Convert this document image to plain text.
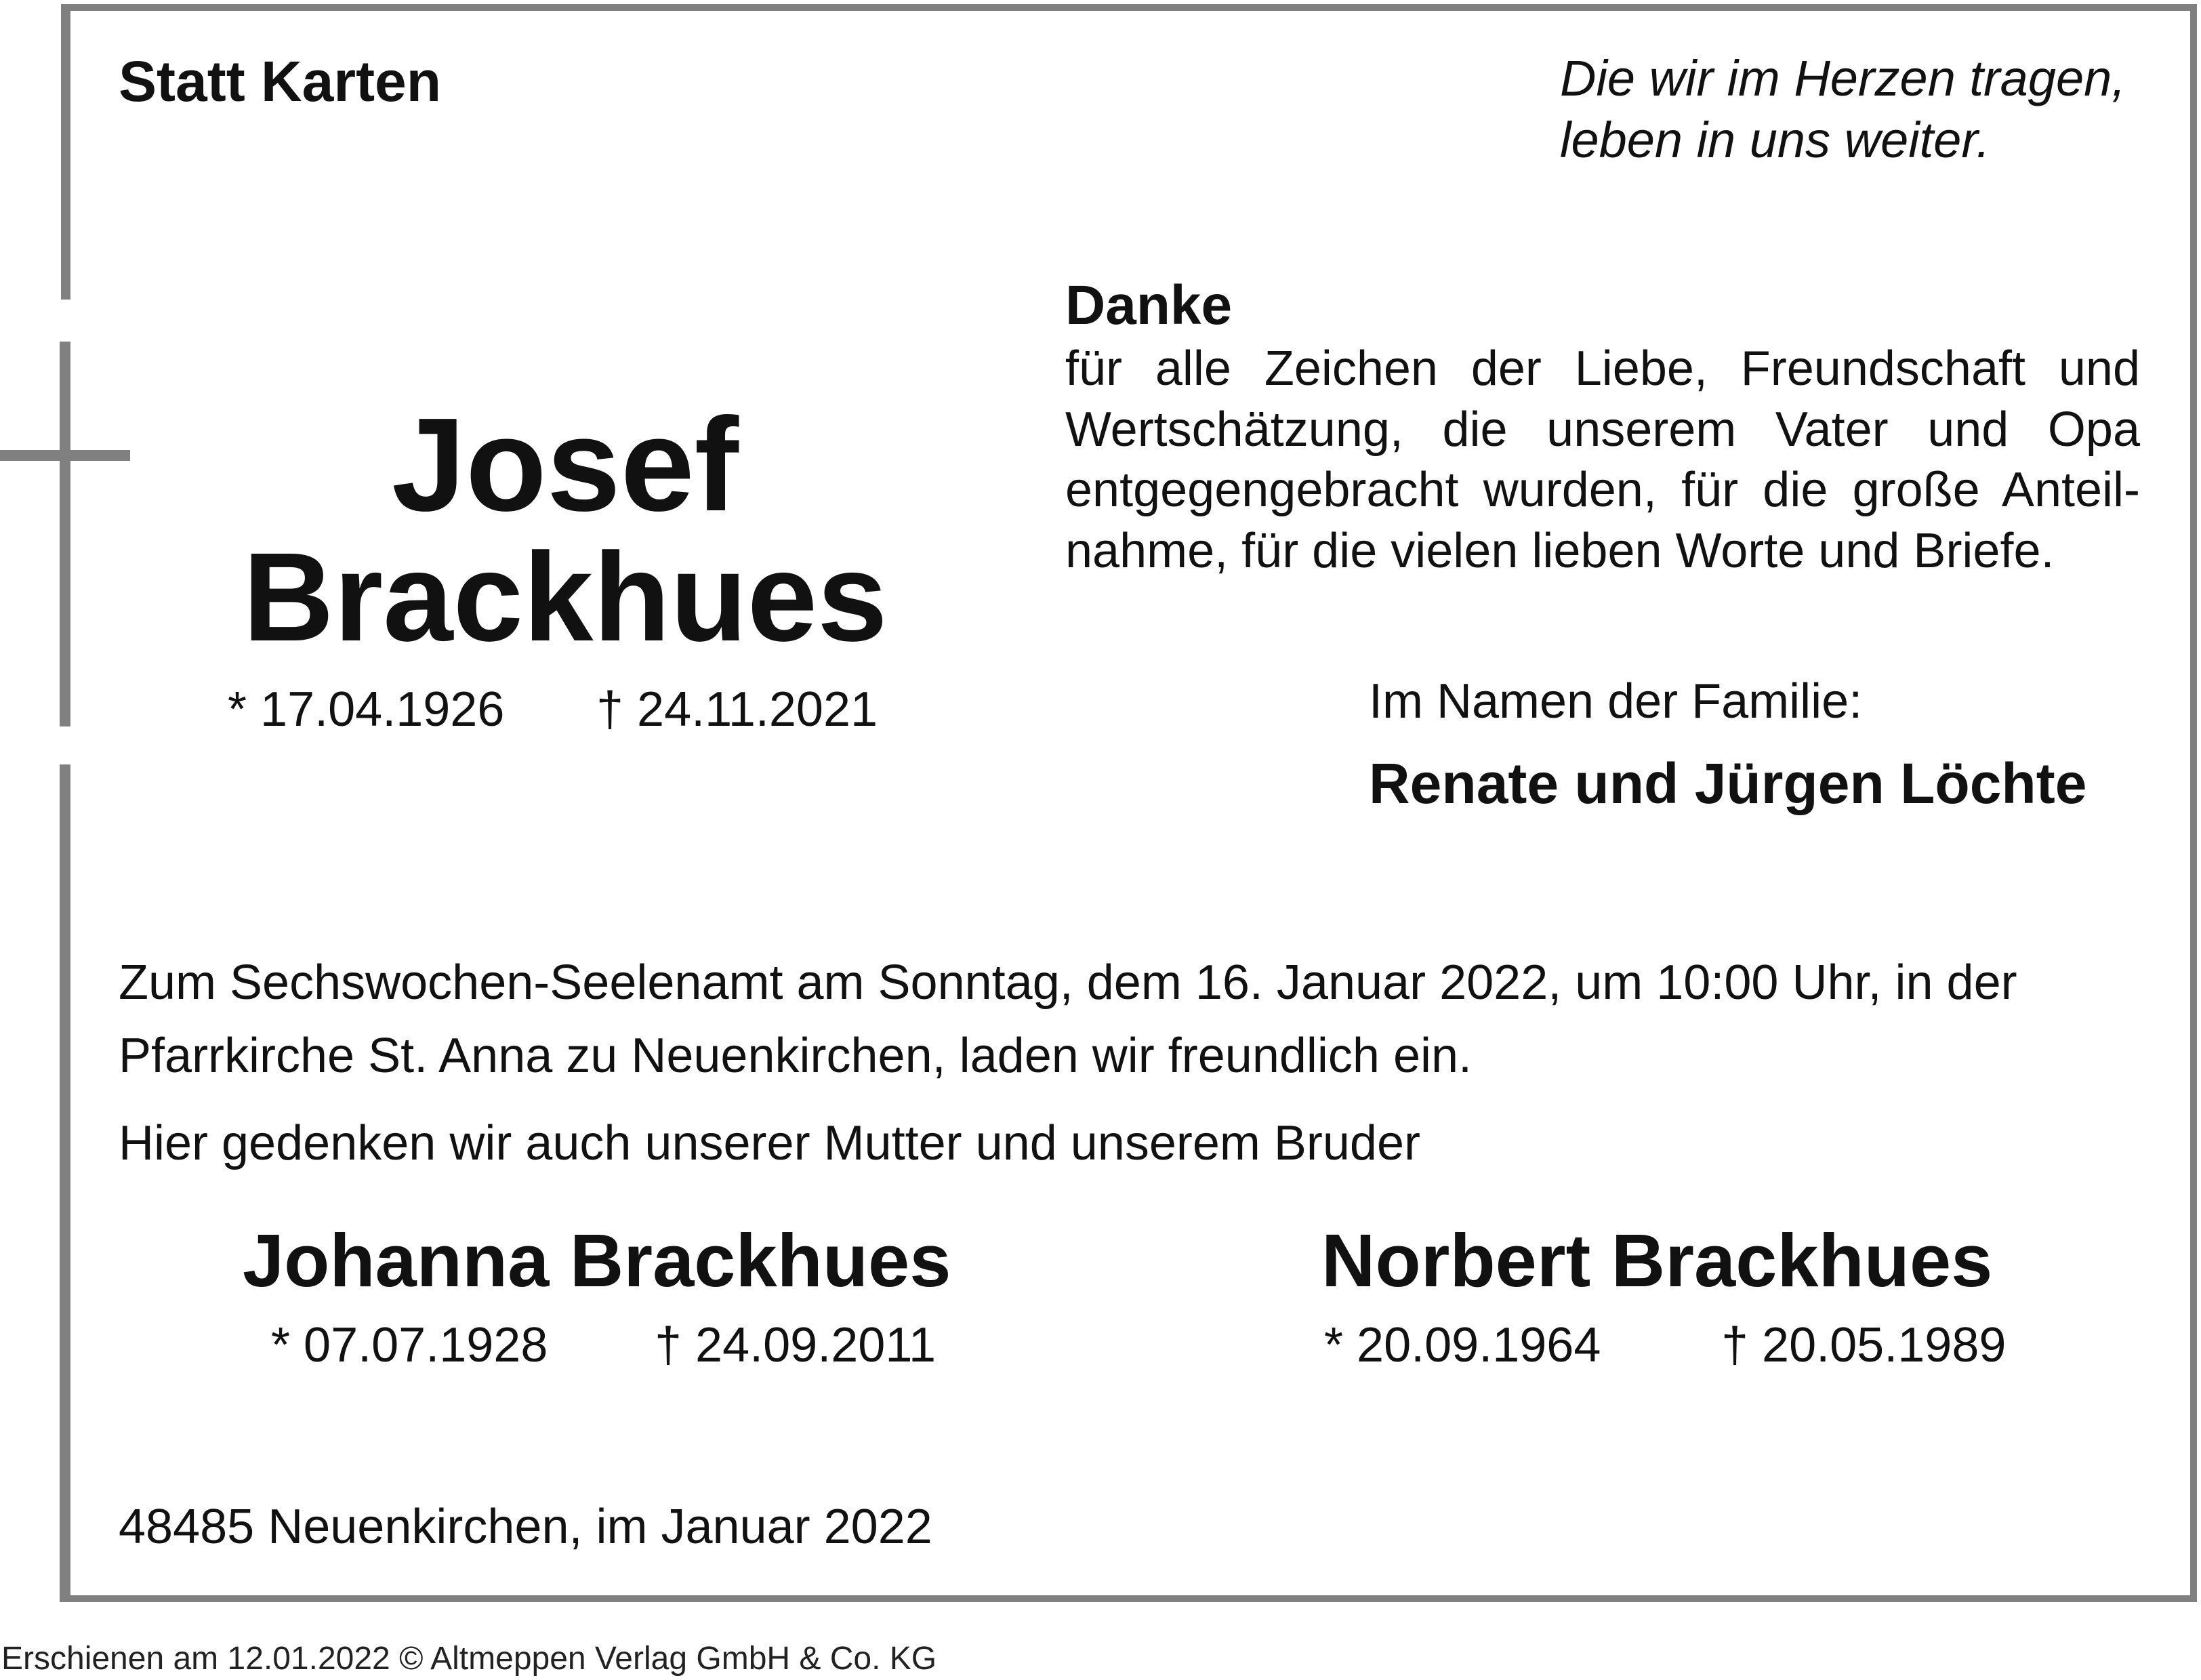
Statt Karten	Die wir im Herzen tragen,
leben in uns weiter.

Danke

für alle Zeichen der Liebe, Freundschaft und Wertschätzung, die unserem Vater und Opa entgegengebracht wurden, für die große Anteil-nahme, für die vielen lieben Worte und Briefe.

Josef

Brackhues

* 17.04.1926 † 24.11.2021	Im Namen der Familie:

Renate und Jürgen Löchte

Zum Sechswochen-Seelenamt am Sonntag, dem 16. Januar 2022, um 10:00 Uhr, in der
Pfarrkirche St. Anna zu Neuenkirchen, laden wir freundlich ein.

Hier gedenken wir auch unserer Mutter und unserem Bruder

Johanna Brackhues

* 07.07.1928 † 24.09.2011

Norbert Brackhues

* 20.09.1964 † 20.05.1989

48485 Neuenkirchen, im Januar 2022

Erschienen am 12.01.2022 © Altmeppen Verlag GmbH & Co. KG
